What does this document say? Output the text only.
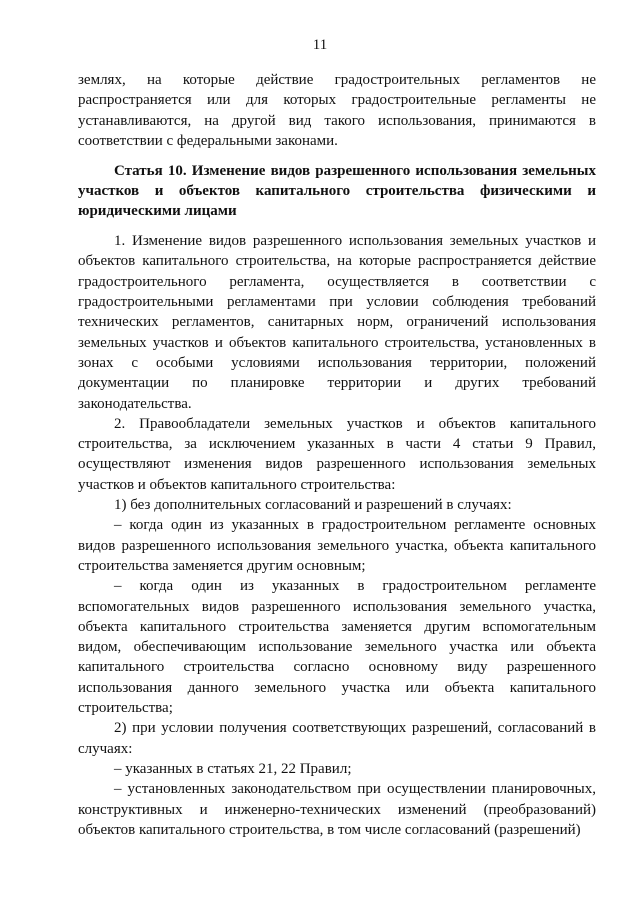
11

землях, на которые действие градостроительных регламентов не распространяется или для которых градостроительные регламенты не устанавливаются, на другой вид такого использования, принимаются в соответствии с федеральными законами.

Статья 10. Изменение видов разрешенного использования земельных участков и объектов капитального строительства физическими и юридическими лицами

1. Изменение видов разрешенного использования земельных участков и объектов капитального строительства, на которые распространяется действие градостроительного регламента, осуществляется в соответствии с градостроительными регламентами при условии соблюдения требований технических регламентов, санитарных норм, ограничений использования земельных участков и объектов капитального строительства, установленных в зонах с особыми условиями использования территории, положений документации по планировке территории и других требований законодательства.

2. Правообладатели земельных участков и объектов капитального строительства, за исключением указанных в части 4 статьи 9 Правил, осуществляют изменения видов разрешенного использования земельных участков и объектов капитального строительства:

1) без дополнительных согласований и разрешений в случаях:

– когда один из указанных в градостроительном регламенте основных видов разрешенного использования земельного участка, объекта капитального строительства заменяется другим основным;

– когда один из указанных в градостроительном регламенте вспомогательных видов разрешенного использования земельного участка, объекта капитального строительства заменяется другим вспомогательным видом, обеспечивающим использование земельного участка или объекта капитального строительства согласно основному виду разрешенного использования данного земельного участка или объекта капитального строительства;

2) при условии получения соответствующих разрешений, согласований в случаях:

– указанных в статьях 21, 22 Правил;

– установленных законодательством при осуществлении планировочных, конструктивных и инженерно-технических изменений (преобразований) объектов капитального строительства, в том числе согласований (разрешений)
